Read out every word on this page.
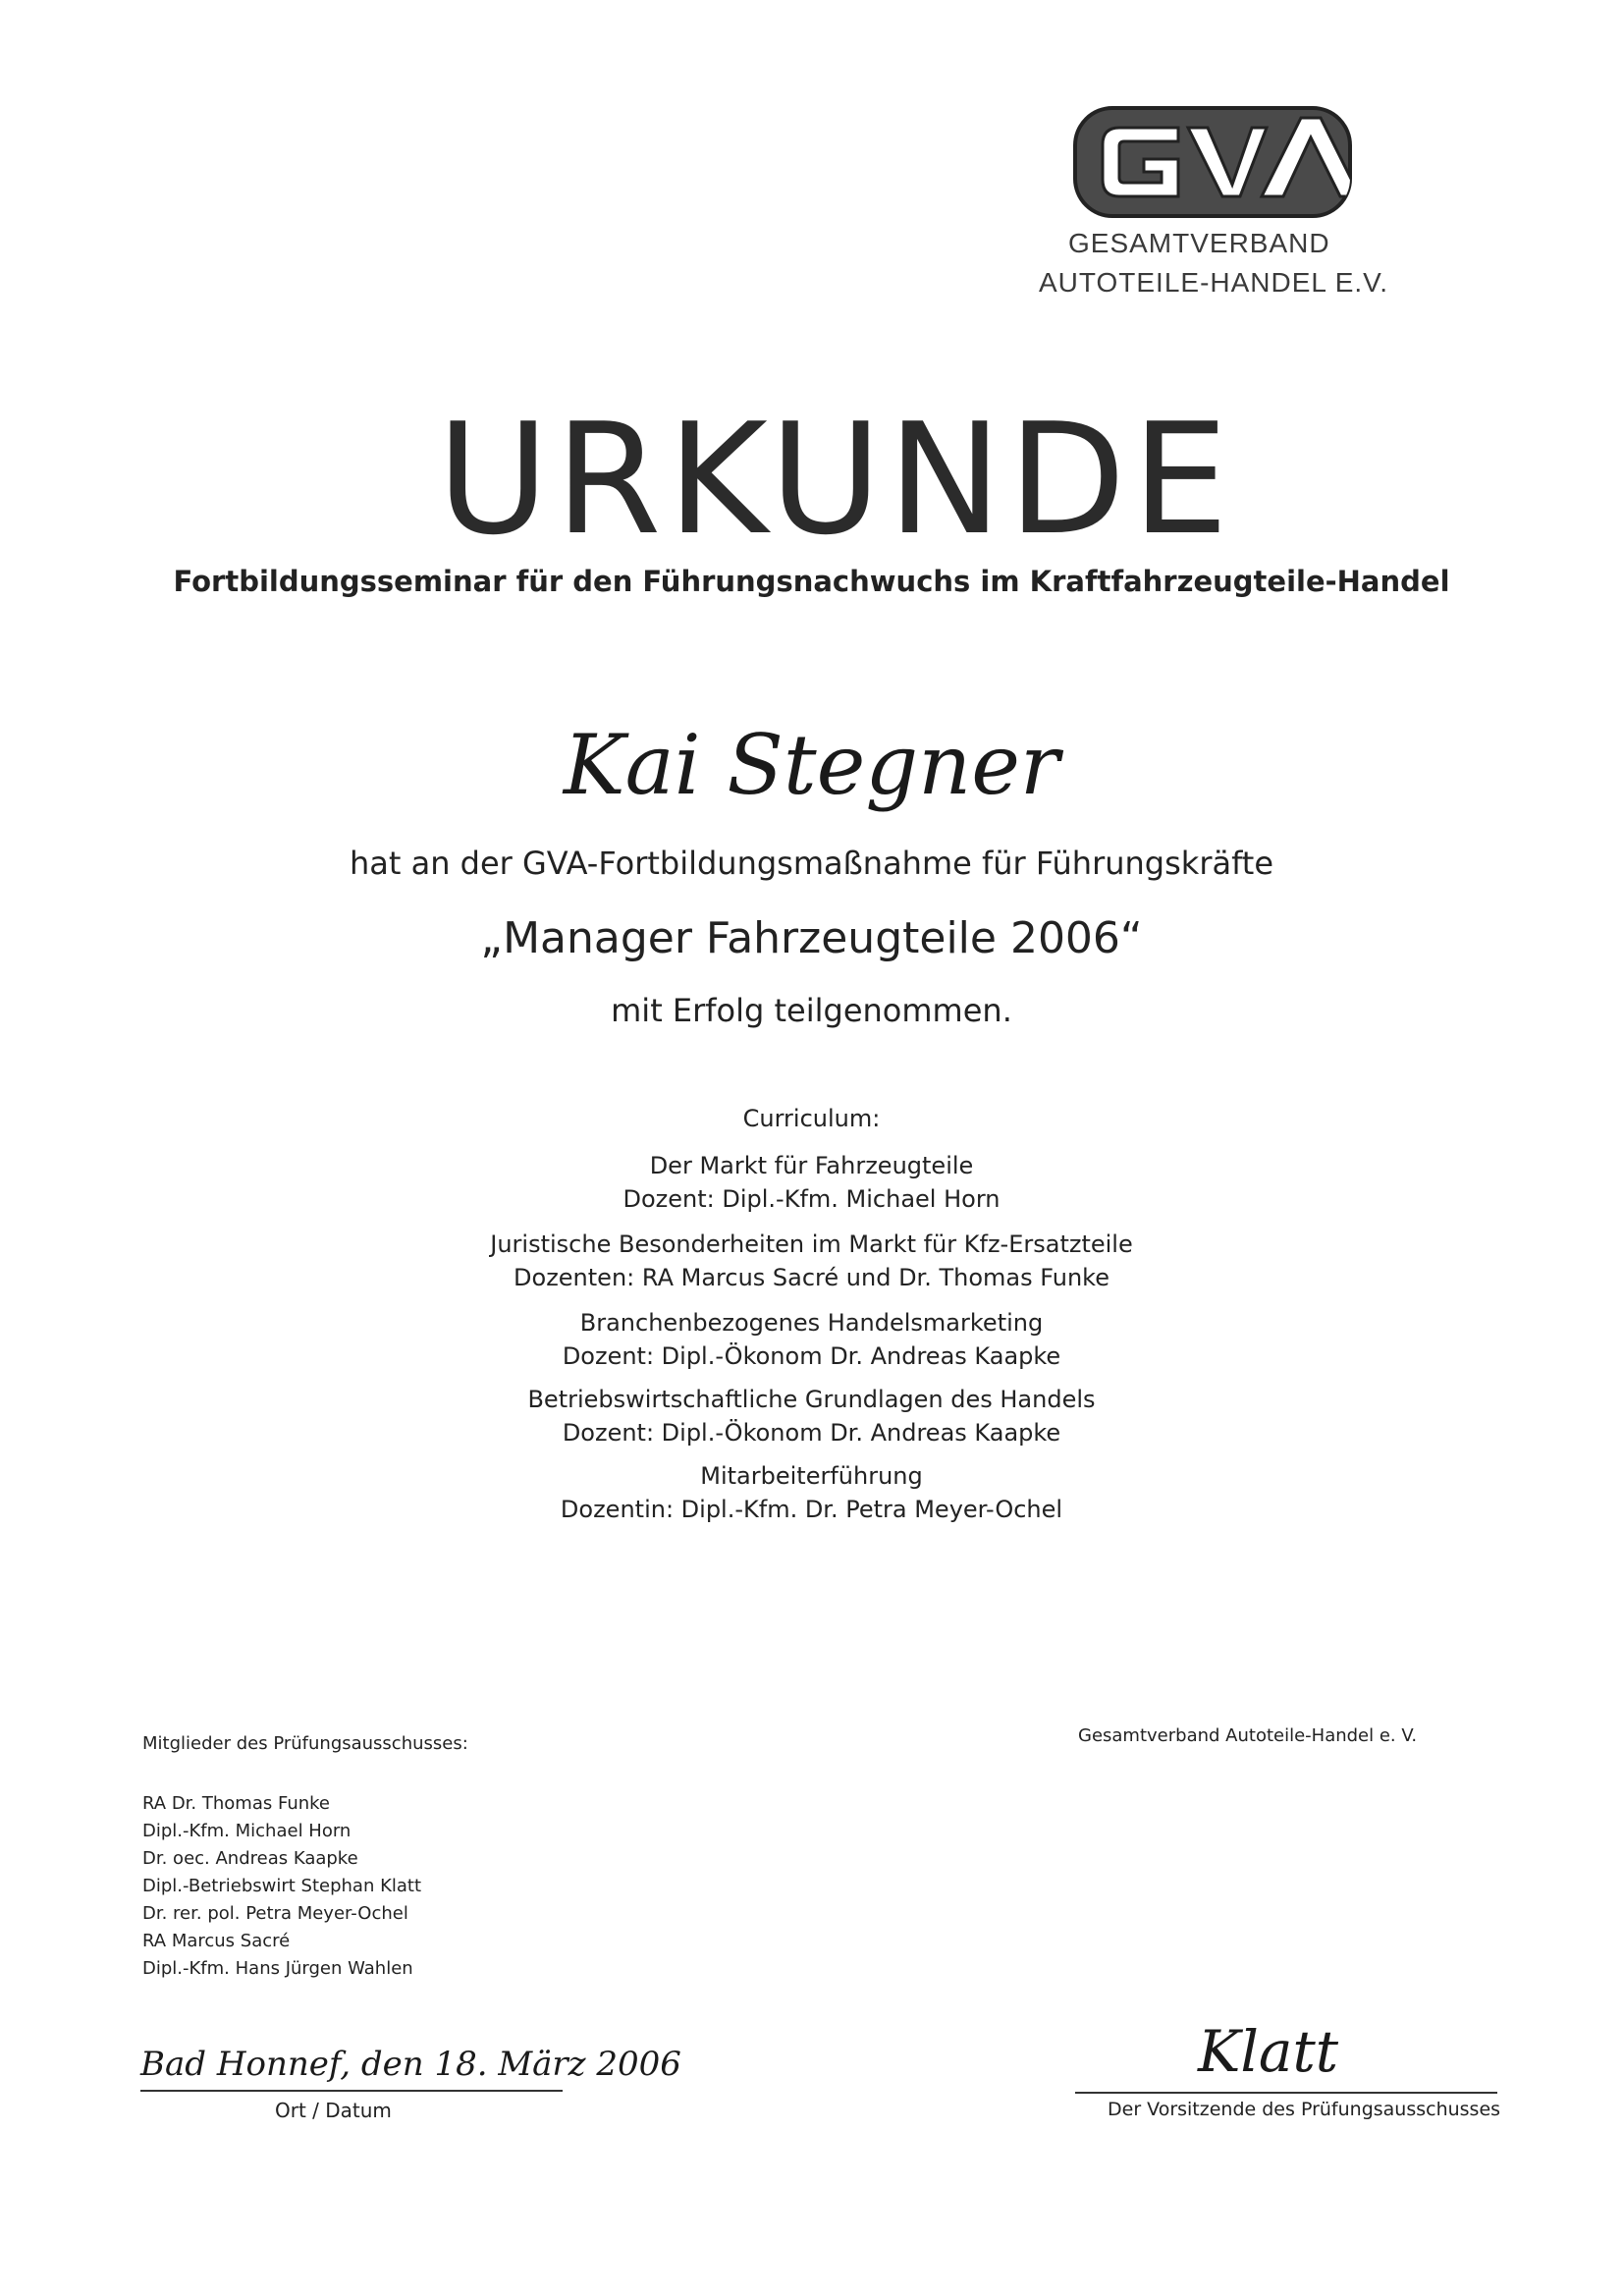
GESAMTVERBAND
AUTOTEILE-HANDEL E.V.
URKUNDE
Fortbildungsseminar für den Führungsnachwuchs im Kraftfahrzeugteile-Handel
Kai Stegner
hat an der GVA-Fortbildungsmaßnahme für Führungskräfte
„Manager Fahrzeugteile 2006“
mit Erfolg teilgenommen.
Curriculum:
Der Markt für Fahrzeugteile
Dozent: Dipl.-Kfm. Michael Horn
Juristische Besonderheiten im Markt für Kfz-Ersatzteile
Dozenten: RA Marcus Sacré und Dr. Thomas Funke
Branchenbezogenes Handelsmarketing
Dozent: Dipl.-Ökonom Dr. Andreas Kaapke
Betriebswirtschaftliche Grundlagen des Handels
Dozent: Dipl.-Ökonom Dr. Andreas Kaapke
Mitarbeiterführung
Dozentin: Dipl.-Kfm. Dr. Petra Meyer-Ochel
Mitglieder des Prüfungsausschusses:
RA Dr. Thomas Funke
Dipl.-Kfm. Michael Horn
Dr. oec. Andreas Kaapke
Dipl.-Betriebswirt Stephan Klatt
Dr. rer. pol. Petra Meyer-Ochel
RA Marcus Sacré
Dipl.-Kfm. Hans Jürgen Wahlen
Gesamtverband Autoteile-Handel e. V.
Bad Honnef, den 18. März 2006
Ort / Datum
Klatt
Der Vorsitzende des Prüfungsausschusses
